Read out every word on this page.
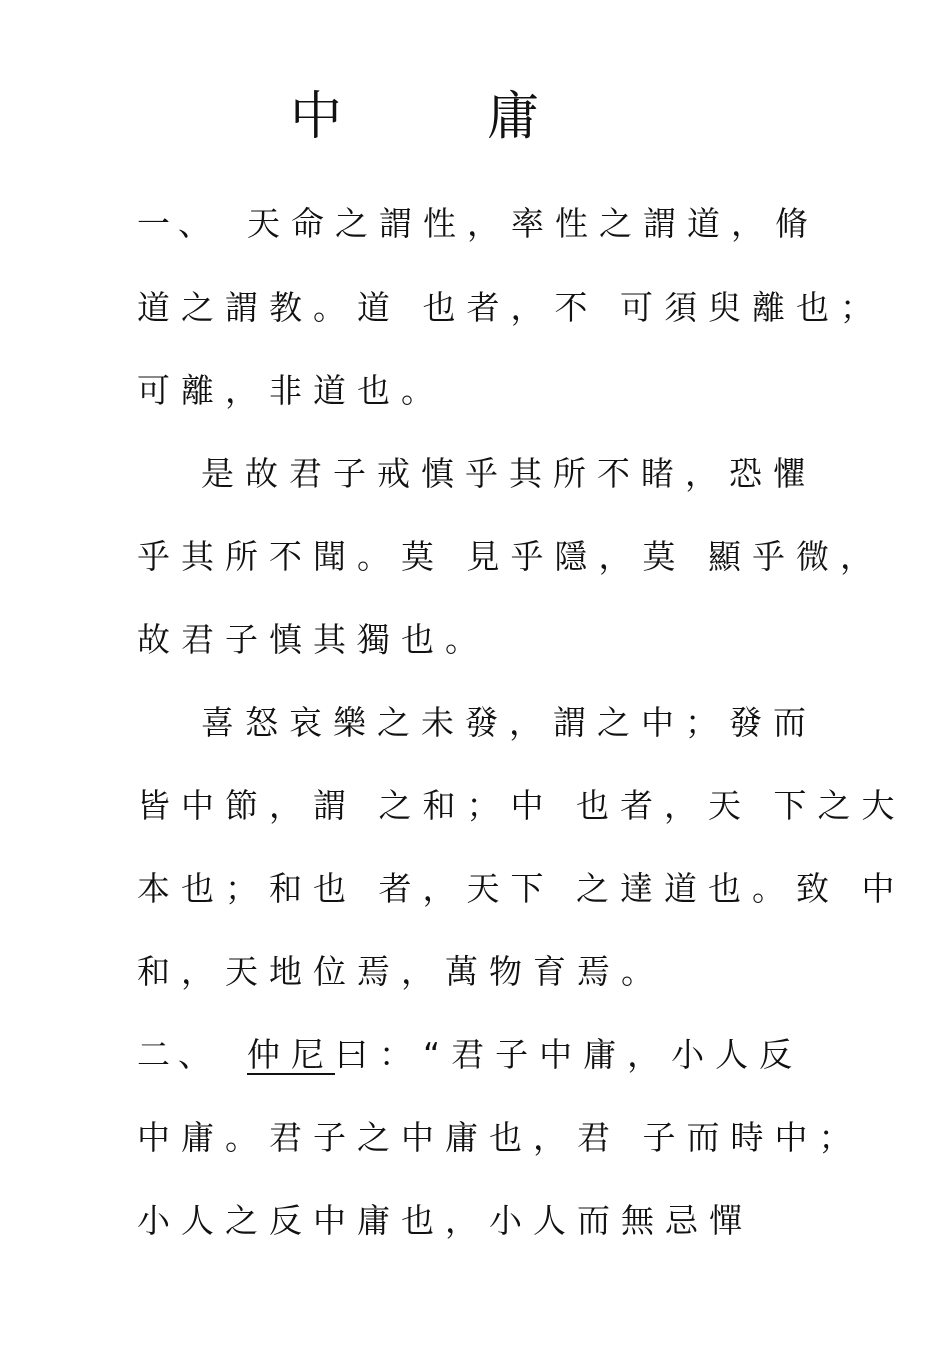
中	庸
一、 天命之謂性，率性之謂道，脩
道之謂教。道 也者，不 可須臾離也；
可離，非道也。
是故君子戒慎乎其所不睹，恐懼
乎其所不聞。莫 見乎隱，莫 顯乎微，
故君子慎其獨也。
喜怒哀樂之未發，謂之中；發而
皆中節，謂 之和；中 也者，天 下之大
本也；和也 者，天下 之達道也。致 中
和，天地位焉，萬物育焉。
二、 仲尼曰：“君子中庸，小人反
中庸。君子之中庸也，君 子而時中；
小人之反中庸也，小人而無忌憚
